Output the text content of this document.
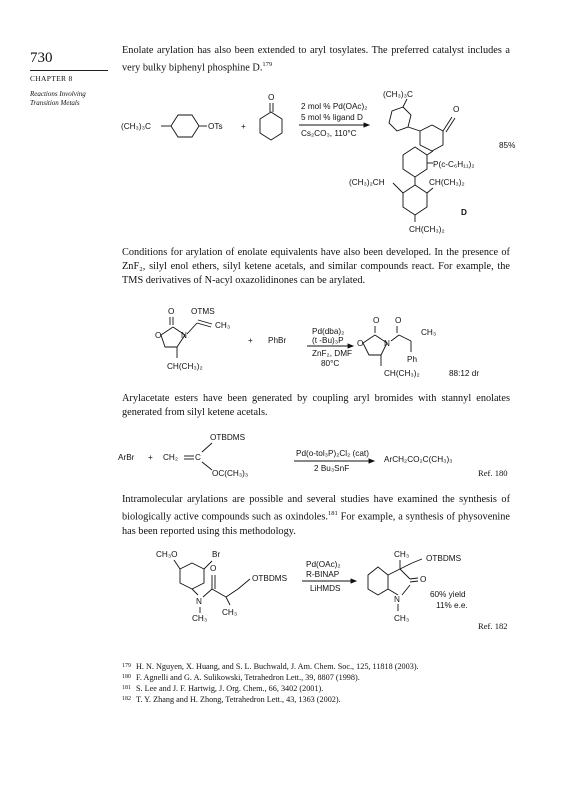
730
CHAPTER 8
Reactions Involving Transition Metals
Enolate arylation has also been extended to aryl tosylates. The preferred catalyst includes a very bulky biphenyl phosphine D.$^{179}$
(CH₃)₃C	OTs +
O
2 mol % Pd(OAc)₂
5 mol % ligand D
Cs₂CO₃, 110°C
(CH₃)₃C
O
85%
P(c-C₆H₁₁)₂
(CH₃)₂CH	CH(CH₃)₂
CH(CH₃)₂
D
Conditions for arylation of enolate equivalents have also been developed. In the presence of ZnF₂, silyl enol ethers, silyl ketene acetals, and similar compounds react. For example, the TMS derivatives of N-acyl oxazolidinones can be arylated.
O OTMS
CH₃
O N
CH(CH₃)₂
+ PhBr
Pd(dba)₂
(t -Bu)₃P
ZnF₂, DMF
80°C
O O
O	N
CH₃
Ph
CH(CH₃)₂	88:12 dr
Arylacetate esters have been generated by coupling aryl bromides with stannyl enolates generated from silyl ketene acetals.
ArBr + CH₂ C
OTBDMS
OC(CH₃)₃
Pd(o-tol₃P)₂Cl₂ (cat)
2 Bu₃SnF
ArCH₂CO₂C(CH₃)₃
Ref. 180
Intramolecular arylations are possible and several studies have examined the synthesis of biologically active compounds such as oxindoles.$^{181}$ For example, a synthesis of physovenine has been reported using this methodology.
CH₃O	Br
N
O
OTBDMS
CH₃
CH₃
Pd(OAc)₂
R-BINAP
LiHMDS
N
O
CH₃ OTBDMS
CH₃
60% yield
11% e.e.
Ref. 182
179 H. N. Nguyen, X. Huang, and S. L. Buchwald, J. Am. Chem. Soc., 125, 11818 (2003).
180 F. Agnelli and G. A. Sulikowski, Tetrahedron Lett., 39, 8807 (1998).
181 S. Lee and J. F. Hartwig, J. Org. Chem., 66, 3402 (2001).
182 T. Y. Zhang and H. Zhong, Tetrahedron Lett., 43, 1363 (2002).
